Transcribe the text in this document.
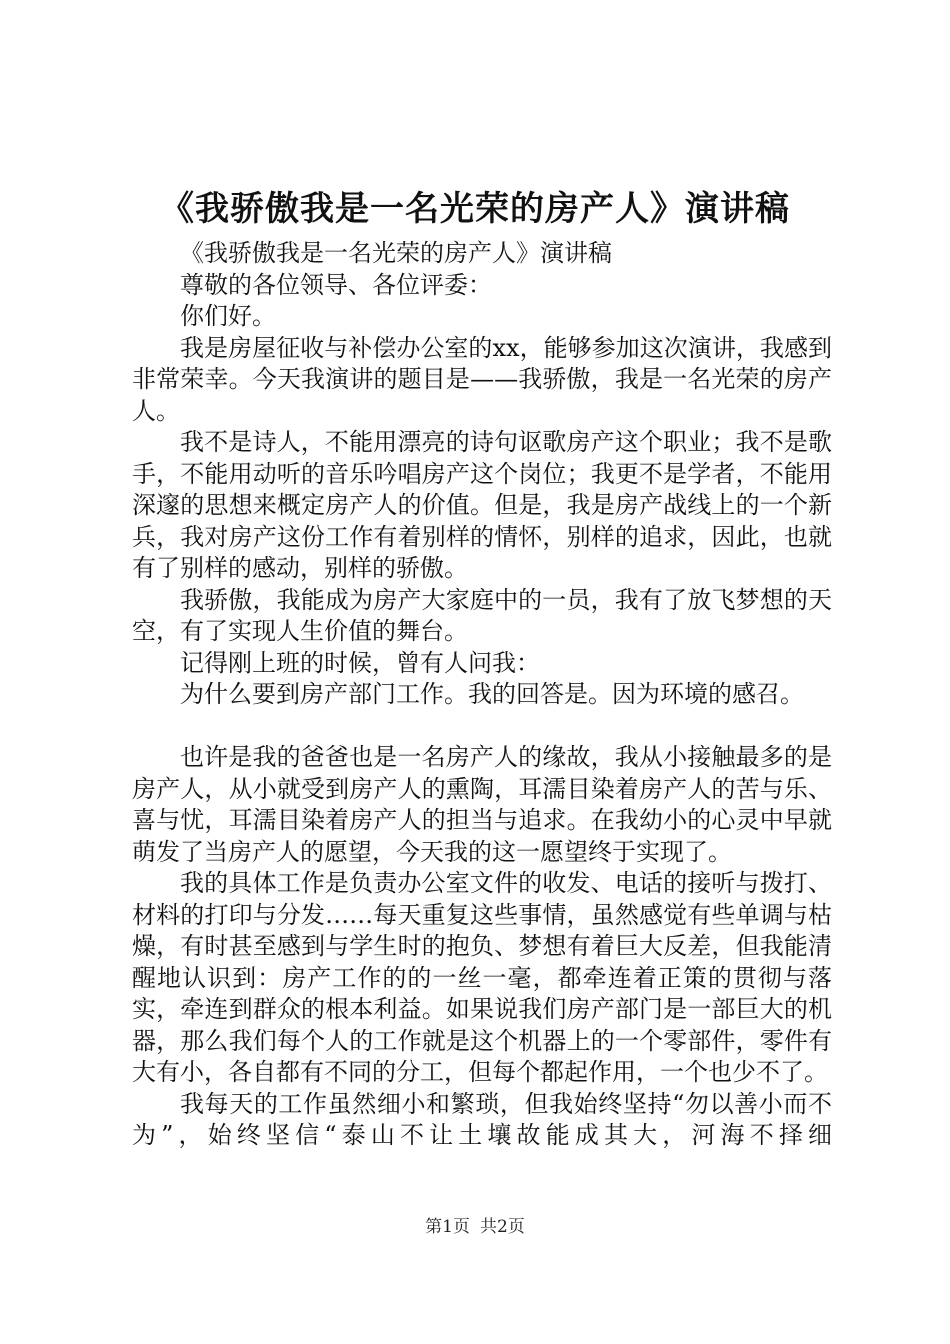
《我骄傲我是一名光荣的房产人》演讲稿

《我骄傲我是一名光荣的房产人》演讲稿

尊敬的各位领导、各位评委：

你们好。

我是房屋征收与补偿办公室的xx，能够参加这次演讲，我感到非常荣幸。今天我演讲的题目是——我骄傲，我是一名光荣的房产人。

我不是诗人，不能用漂亮的诗句讴歌房产这个职业；我不是歌手，不能用动听的音乐吟唱房产这个岗位；我更不是学者，不能用深邃的思想来概定房产人的价值。但是，我是房产战线上的一个新兵，我对房产这份工作有着别样的情怀，别样的追求，因此，也就有了别样的感动，别样的骄傲。

我骄傲，我能成为房产大家庭中的一员，我有了放飞梦想的天空，有了实现人生价值的舞台。

记得刚上班的时候，曾有人问我：

为什么要到房产部门工作。我的回答是。因为环境的感召。

也许是我的爸爸也是一名房产人的缘故，我从小接触最多的是房产人，从小就受到房产人的熏陶，耳濡目染着房产人的苦与乐、喜与忧，耳濡目染着房产人的担当与追求。在我幼小的心灵中早就萌发了当房产人的愿望，今天我的这一愿望终于实现了。

我的具体工作是负责办公室文件的收发、电话的接听与拨打、材料的打印与分发……每天重复这些事情，虽然感觉有些单调与枯燥，有时甚至感到与学生时的抱负、梦想有着巨大反差，但我能清醒地认识到：房产工作的的一丝一毫，都牵连着正策的贯彻与落实，牵连到群众的根本利益。如果说我们房产部门是一部巨大的机器，那么我们每个人的工作就是这个机器上的一个零部件，零件有大有小，各自都有不同的分工，但每个都起作用，一个也少不了。

我每天的工作虽然细小和繁琐，但我始终坚持“勿以善小而不为”，始终坚信“泰山不让土壤故能成其大，河海不择细

第1页 共2页
